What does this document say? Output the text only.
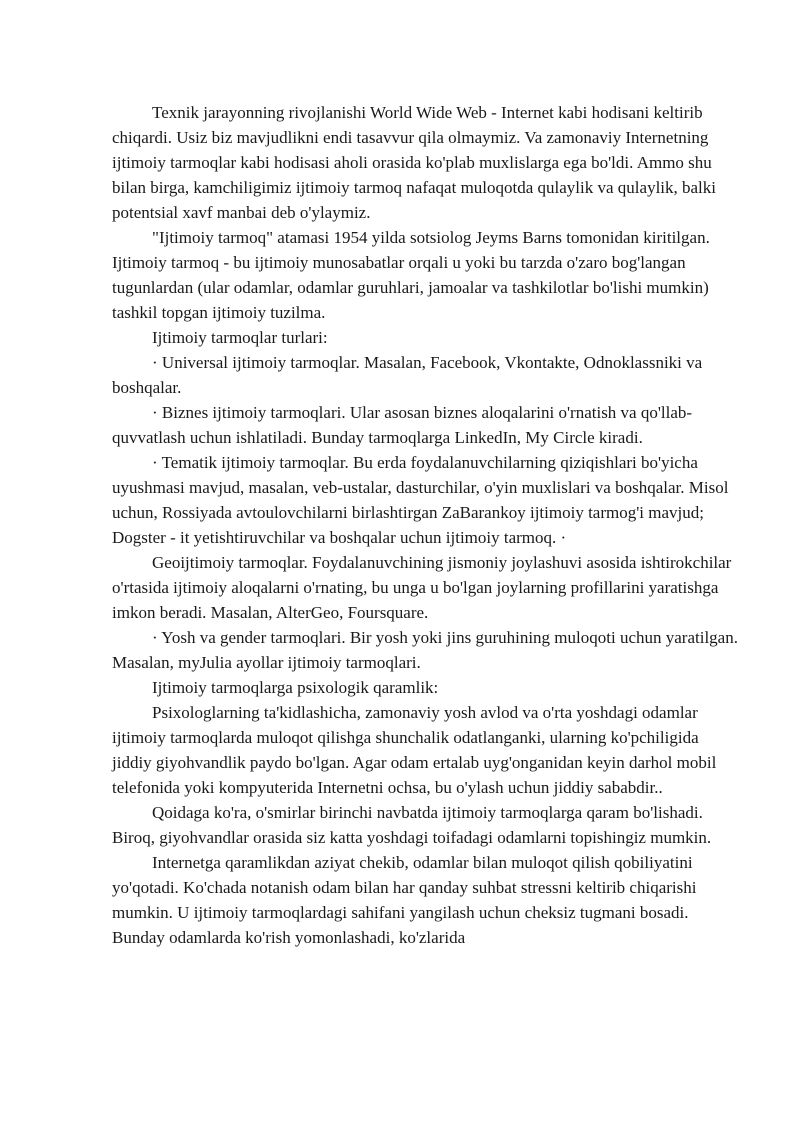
Texnik jarayonning rivojlanishi World Wide Web - Internet kabi hodisani keltirib chiqardi. Usiz biz mavjudlikni endi tasavvur qila olmaymiz. Va zamonaviy Internetning ijtimoiy tarmoqlar kabi hodisasi aholi orasida ko'plab muxlislarga ega bo'ldi. Ammo shu bilan birga, kamchiligimiz ijtimoiy tarmoq nafaqat muloqotda qulaylik va qulaylik, balki potentsial xavf manbai deb o'ylaymiz.

"Ijtimoiy tarmoq" atamasi 1954 yilda sotsiolog Jeyms Barns tomonidan kiritilgan. Ijtimoiy tarmoq - bu ijtimoiy munosabatlar orqali u yoki bu tarzda o'zaro bog'langan tugunlardan (ular odamlar, odamlar guruhlari, jamoalar va tashkilotlar bo'lishi mumkin) tashkil topgan ijtimoiy tuzilma.

Ijtimoiy tarmoqlar turlari:

· Universal ijtimoiy tarmoqlar. Masalan, Facebook, Vkontakte, Odnoklassniki va boshqalar.

· Biznes ijtimoiy tarmoqlari. Ular asosan biznes aloqalarini o'rnatish va qo'llab-quvvatlash uchun ishlatiladi. Bunday tarmoqlarga LinkedIn, My Circle kiradi.

· Tematik ijtimoiy tarmoqlar. Bu erda foydalanuvchilarning qiziqishlari bo'yicha uyushmasi mavjud, masalan, veb-ustalar, dasturchilar, o'yin muxlislari va boshqalar. Misol uchun, Rossiyada avtoulovchilarni birlashtirgan ZaBarankoy ijtimoiy tarmog'i mavjud; Dogster - it yetishtiruvchilar va boshqalar uchun ijtimoiy tarmoq. ·

Geoijtimoiy tarmoqlar. Foydalanuvchining jismoniy joylashuvi asosida ishtirokchilar o'rtasida ijtimoiy aloqalarni o'rnating, bu unga u bo'lgan joylarning profillarini yaratishga imkon beradi. Masalan, AlterGeo, Foursquare.

· Yosh va gender tarmoqlari. Bir yosh yoki jins guruhining muloqoti uchun yaratilgan. Masalan, myJulia ayollar ijtimoiy tarmoqlari.

Ijtimoiy tarmoqlarga psixologik qaramlik:

Psixologlarning ta'kidlashicha, zamonaviy yosh avlod va o'rta yoshdagi odamlar ijtimoiy tarmoqlarda muloqot qilishga shunchalik odatlanganki, ularning ko'pchiligida jiddiy giyohvandlik paydo bo'lgan. Agar odam ertalab uyg'onganidan keyin darhol mobil telefonida yoki kompyuterida Internetni ochsa, bu o'ylash uchun jiddiy sababdir..

Qoidaga ko'ra, o'smirlar birinchi navbatda ijtimoiy tarmoqlarga qaram bo'lishadi. Biroq, giyohvandlar orasida siz katta yoshdagi toifadagi odamlarni topishingiz mumkin.

Internetga qaramlikdan aziyat chekib, odamlar bilan muloqot qilish qobiliyatini yo'qotadi. Ko'chada notanish odam bilan har qanday suhbat stressni keltirib chiqarishi mumkin. U ijtimoiy tarmoqlardagi sahifani yangilash uchun cheksiz tugmani bosadi. Bunday odamlarda ko'rish yomonlashadi, ko'zlarida
